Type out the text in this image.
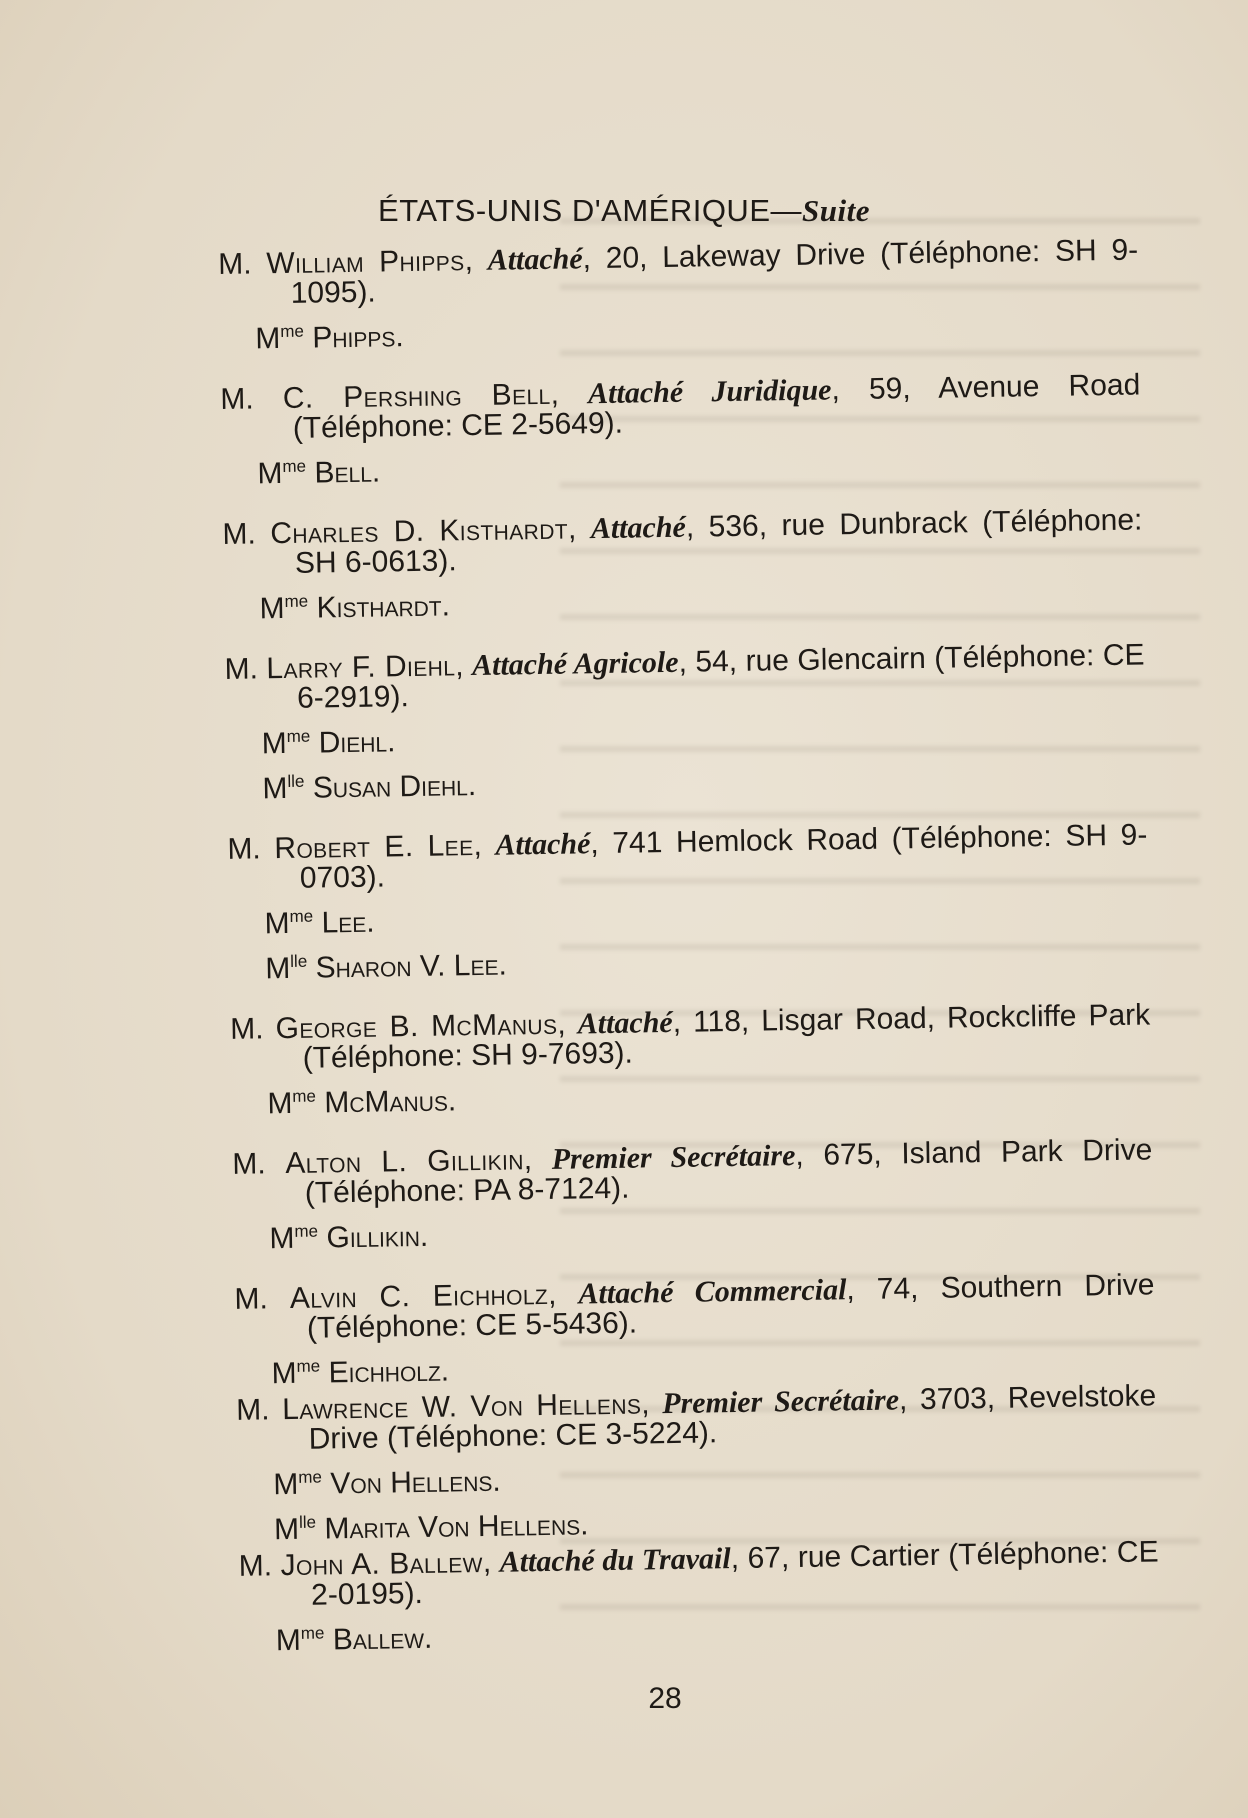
ÉTATS-UNIS D'AMÉRIQUE—Suite
M. William Phipps, Attaché, 20, Lakeway Drive (Téléphone: SH 9-1095).
$M^{me}$ Phipps.
M. C. Pershing Bell, Attaché Juridique, 59, Avenue Road (Téléphone: CE 2-5649).
$M^{me}$ Bell.
M. Charles D. Kisthardt, Attaché, 536, rue Dunbrack (Téléphone: SH 6-0613).
$M^{me}$ Kisthardt.
M. Larry F. Diehl, Attaché Agricole, 54, rue Glencairn (Téléphone: CE 6-2919).
$M^{me}$ Diehl.
$M^{lle}$ Susan Diehl.
M. Robert E. Lee, Attaché, 741 Hemlock Road (Téléphone: SH 9-0703).
$M^{me}$ Lee.
$M^{lle}$ Sharon V. Lee.
M. George B. McManus, Attaché, 118, Lisgar Road, Rockcliffe Park (Téléphone: SH 9-7693).
$M^{me}$ McManus.
M. Alton L. Gillikin, Premier Secrétaire, 675, Island Park Drive (Téléphone: PA 8-7124).
$M^{me}$ Gillikin.
M. Alvin C. Eichholz, Attaché Commercial, 74, Southern Drive (Téléphone: CE 5-5436).
$M^{me}$ Eichholz.
M. Lawrence W. Von Hellens, Premier Secrétaire, 3703, Revelstoke Drive (Téléphone: CE 3-5224).
$M^{me}$ Von Hellens.
$M^{lle}$ Marita Von Hellens.
M. John A. Ballew, Attaché du Travail, 67, rue Cartier (Téléphone: CE 2-0195).
$M^{me}$ Ballew.
28
